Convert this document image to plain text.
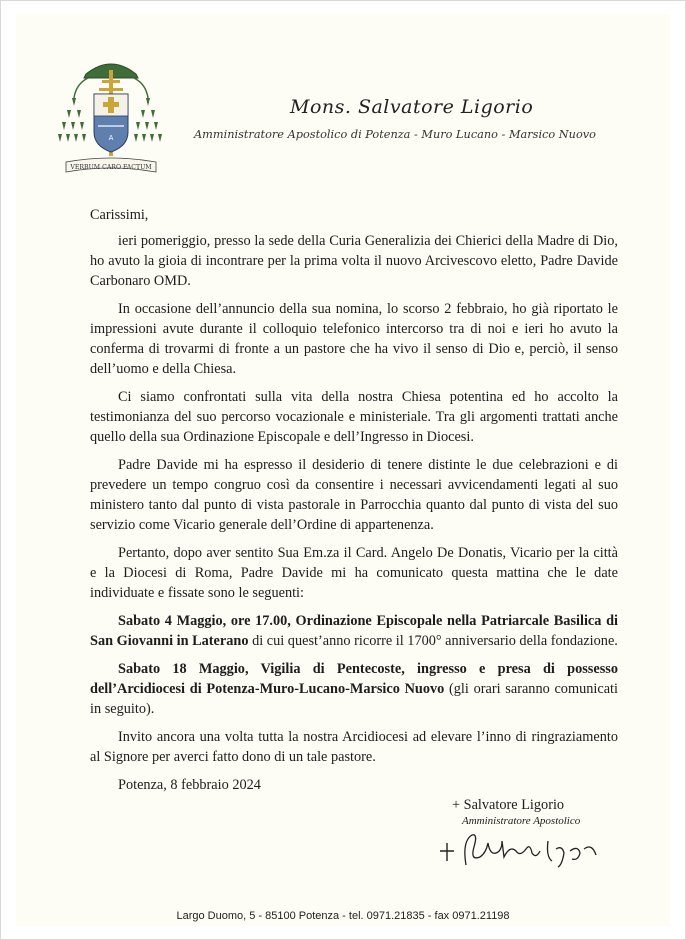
A
VERBUM CARO FACTUM
Mons. Salvatore Ligorio
Amministratore Apostolico di Potenza - Muro Lucano - Marsico Nuovo

Carissimi,

ieri pomeriggio, presso la sede della Curia Generalizia dei Chierici della Madre di Dio, ho avuto la gioia di incontrare per la prima volta il nuovo Arcivescovo eletto, Padre Davide Carbonaro OMD.

In occasione dell’annuncio della sua nomina, lo scorso 2 febbraio, ho già riportato le impressioni avute durante il colloquio telefonico intercorso tra di noi e ieri ho avuto la conferma di trovarmi di fronte a un pastore che ha vivo il senso di Dio e, perciò, il senso dell’uomo e della Chiesa.

Ci siamo confrontati sulla vita della nostra Chiesa potentina ed ho accolto la testimonianza del suo percorso vocazionale e ministeriale. Tra gli argomenti trattati anche quello della sua Ordinazione Episcopale e dell’Ingresso in Diocesi.

Padre Davide mi ha espresso il desiderio di tenere distinte le due celebrazioni e di prevedere un tempo congruo così da consentire i necessari avvicendamenti legati al suo ministero tanto dal punto di vista pastorale in Parrocchia quanto dal punto di vista del suo servizio come Vicario generale dell’Ordine di appartenenza.

Pertanto, dopo aver sentito Sua Em.za il Card. Angelo De Donatis, Vicario per la città e la Diocesi di Roma, Padre Davide mi ha comunicato questa mattina che le date individuate e fissate sono le seguenti:

Sabato 4 Maggio, ore 17.00, Ordinazione Episcopale nella Patriarcale Basilica di San Giovanni in Laterano di cui quest’anno ricorre il 1700° anniversario della fondazione.

Sabato 18 Maggio, Vigilia di Pentecoste, ingresso e presa di possesso dell’Arcidiocesi di Potenza-Muro-Lucano-Marsico Nuovo (gli orari saranno comunicati in seguito).

Invito ancora una volta tutta la nostra Arcidiocesi ad elevare l’inno di ringraziamento al Signore per averci fatto dono di un tale pastore.

Potenza, 8 febbraio 2024

+ Salvatore Ligorio
Amministratore Apostolico
Largo Duomo, 5 - 85100 Potenza - tel. 0971.21835 - fax 0971.21198
